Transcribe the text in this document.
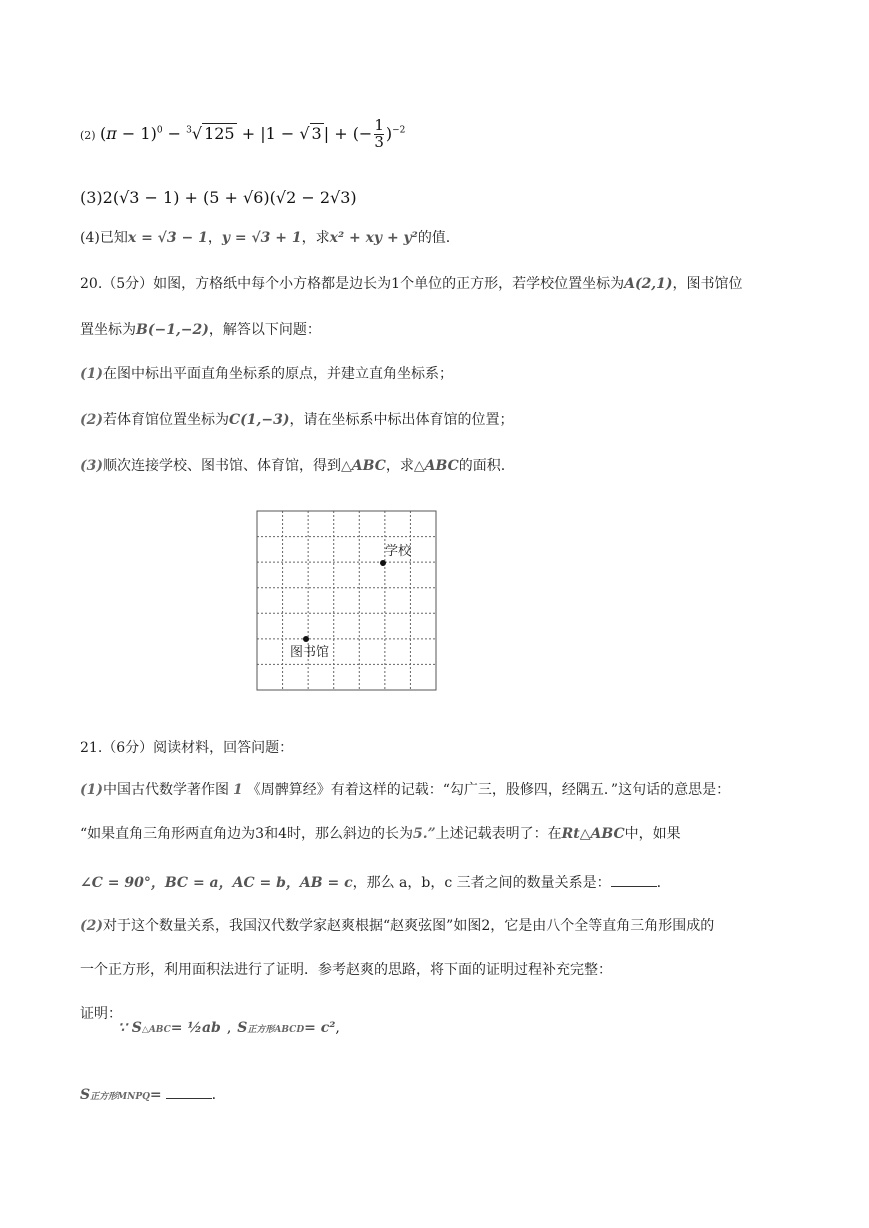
(2) $(\pi - 1)^0 - ^3√$ 125 + |1 − √ 3 | + (− $\frac{1}{3} )^{-2}$
(3)2(√3 − 1) + (5 + √6)(√2 − 2√3)
(4)已知x = √3 − 1，y = √3 + 1，求x² + xy + y²的值.
20.（5分）如图，方格纸中每个小方格都是边长为1个单位的正方形，若学校位置坐标为A(2,1)，图书馆位
置坐标为B(−1,−2)，解答以下问题：
(1)在图中标出平面直角坐标系的原点，并建立直角坐标系；
(2)若体育馆位置坐标为C(1,−3)，请在坐标系中标出体育馆的位置；
(3)顺次连接学校、图书馆、体育馆，得到△ABC，求△ABC的面积.
学校
图书馆
21.（6分）阅读材料，回答问题：
(1)中国古代数学著作图 1 《周髀算经》有着这样的记载：“勾广三，股修四，经隅五．”这句话的意思是：
“如果直角三角形两直角边为3和4时，那么斜边的长为5.”上述记载表明了：在Rt△ABC中，如果
∠C = 90°，BC = a，AC = b，AB = c，那么 a，b，c 三者之间的数量关系是：	.
(2)对于这个数量关系，我国汉代数学家赵爽根据“赵爽弦图”如图2，它是由八个全等直角三角形围成的
一个正方形，利用面积法进行了证明．参考赵爽的思路，将下面的证明过程补充完整：
证明：
∵ S△ABC= ½ab , S正方形ABCD= c²,
S正方形MNPQ=	.
